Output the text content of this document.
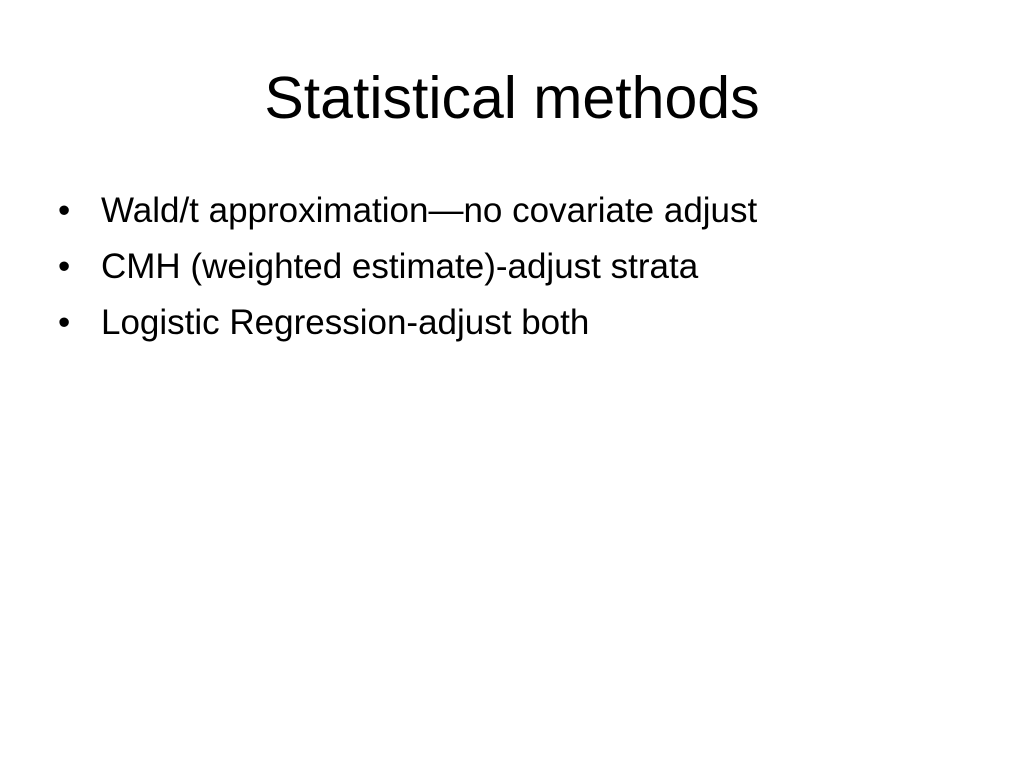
Statistical methods
• Wald/t approximation—no covariate adjust
• CMH (weighted estimate)-adjust strata
• Logistic Regression-adjust both
